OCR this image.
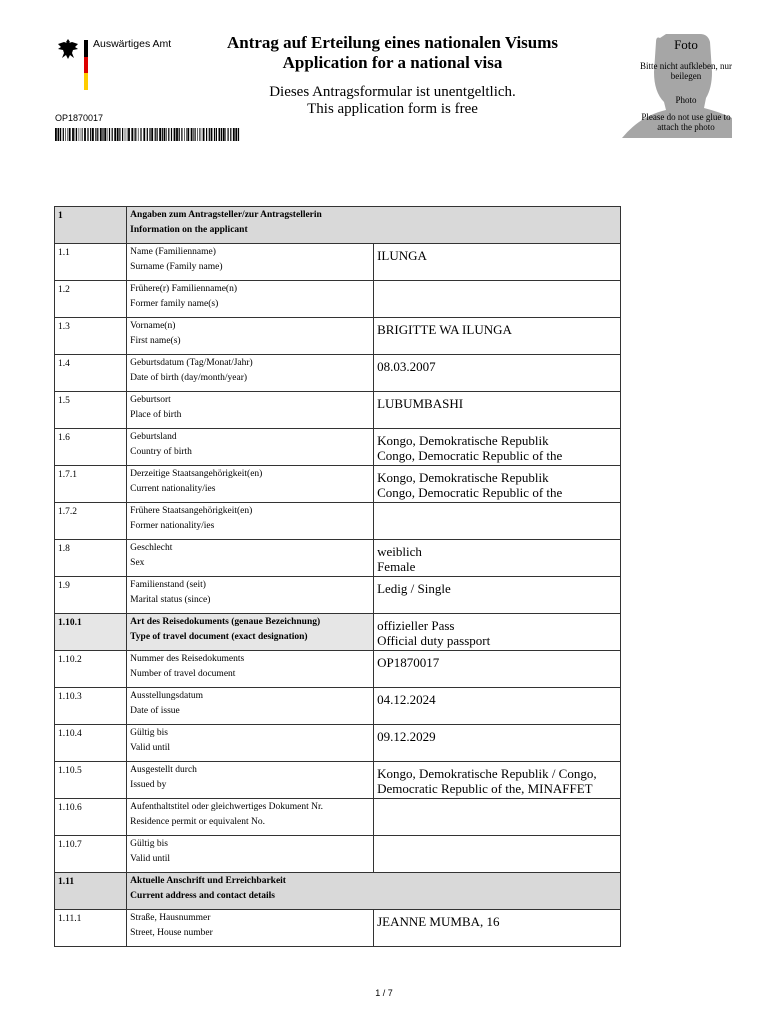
Auswärtiges Amt	Antrag auf Erteilung eines nationalen Visums
Application for a national visa
Dieses Antragsformular ist unentgeltlich.
This application form is free
OP1870017
Foto
Bitte nicht aufkleben, nur beilegen
Photo
Please do not use glue to attach the photo
1	Angaben zum Antragsteller/zur Antragstellerin
Information on the applicant	

1.1	Name (Familienname)
Surname (Family name)	ILUNGA

1.2	Frühere(r) Familienname(n)
Former family name(s)	

1.3	Vorname(n)
First name(s)	BRIGITTE WA ILUNGA

1.4	Geburtsdatum (Tag/Monat/Jahr)
Date of birth (day/month/year)	08.03.2007

1.5	Geburtsort
Place of birth	LUBUMBASHI

1.6	Geburtsland
Country of birth	Kongo, Demokratische Republik
Congo, Democratic Republic of the

1.7.1	Derzeitige Staatsangehörigkeit(en)
Current nationality/ies	Kongo, Demokratische Republik
Congo, Democratic Republic of the

1.7.2	Frühere Staatsangehörigkeit(en)
Former nationality/ies	

1.8	Geschlecht
Sex	weiblich
Female

1.9	Familienstand (seit)
Marital status (since)	Ledig / Single

1.10.1	Art des Reisedokuments (genaue Bezeichnung)
Type of travel document (exact designation)	offizieller Pass
Official duty passport

1.10.2	Nummer des Reisedokuments
Number of travel document	OP1870017

1.10.3	Ausstellungsdatum
Date of issue	04.12.2024

1.10.4	Gültig bis
Valid until	09.12.2029

1.10.5	Ausgestellt durch
Issued by	Kongo, Demokratische Republik / Congo,
Democratic Republic of the, MINAFFET

1.10.6	Aufenthaltstitel oder gleichwertiges Dokument Nr.
Residence permit or equivalent No.	

1.10.7	Gültig bis
Valid until	

1.11	Aktuelle Anschrift und Erreichbarkeit
Current address and contact details	

1.11.1	Straße, Hausnummer
Street, House number	JEANNE MUMBA, 16
1 / 7
